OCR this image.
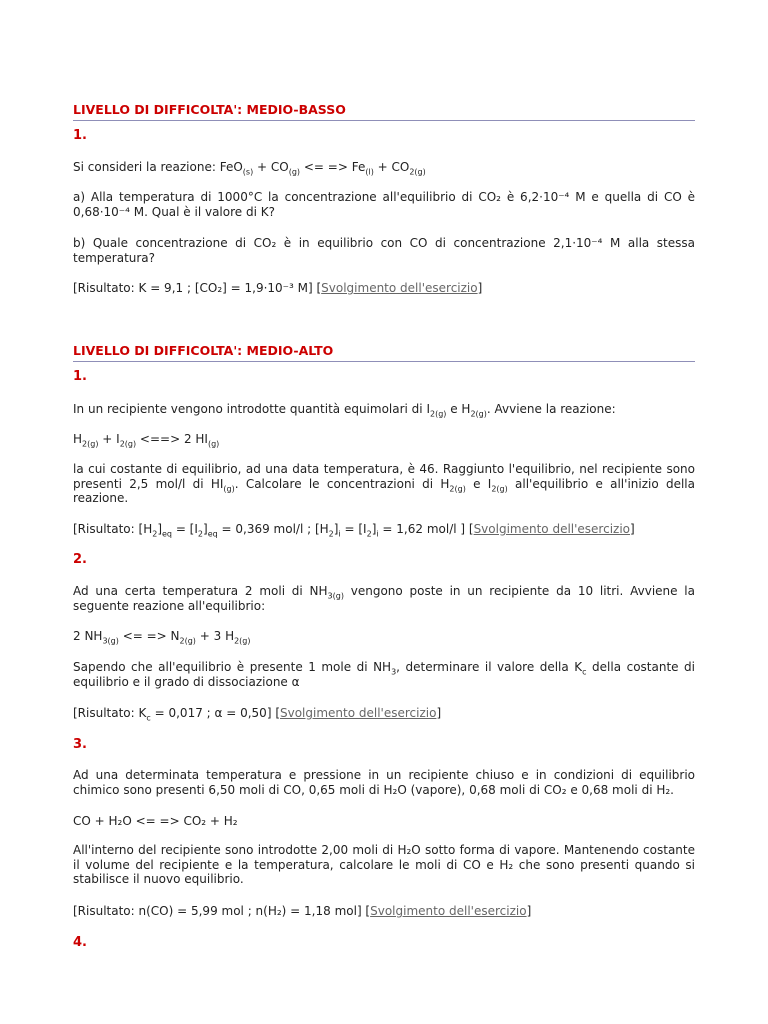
LIVELLO DI DIFFICOLTA': MEDIO-BASSO
1.

Si consideri la reazione: $FeO_{(s)} + CO_{(g)}$ <= => $Fe_{(l)} + CO_{2(g)}$

a) Alla temperatura di 1000°C la concentrazione all'equilibrio di CO₂ è 6,2·10⁻⁴ M e quella di CO è 0,68·10⁻⁴ M. Qual è il valore di K?

b) Quale concentrazione di CO₂ è in equilibrio con CO di concentrazione 2,1·10⁻⁴ M alla stessa temperatura?

[Risultato: K = 9,1 ; [CO₂] = 1,9·10⁻³ M] [Svolgimento dell'esercizio]

LIVELLO DI DIFFICOLTA': MEDIO-ALTO
1.

In un recipiente vengono introdotte quantità equimolari di $I_{2(g)}$ e $H_{2(g)}$. Avviene la reazione:

$H_{2(g)} + I_{2(g)}$ <==> 2 $HI_{(g)}$

la cui costante di equilibrio, ad una data temperatura, è 46. Raggiunto l'equilibrio, nel recipiente sono presenti 2,5 mol/l di $HI_{(g)}$. Calcolare le concentrazioni di $H_{2(g)}$ e $I_{2(g)}$ all'equilibrio e all'inizio della reazione.

[Risultato: $[H_2]_{eq} = [I_2]_{eq} = 0,369$ mol/l ; $[H_2]_i = [I_2]_i = 1,62$ mol/l ] [Svolgimento dell'esercizio]

2.

Ad una certa temperatura 2 moli di $NH_{3(g)}$ vengono poste in un recipiente da 10 litri. Avviene la seguente reazione all'equilibrio:

2 $NH_{3(g)}$ <= => $N_{2(g)} + 3$ $H_{2(g)}$

Sapendo che all'equilibrio è presente 1 mole di $NH_3$, determinare il valore della $K_c$ della costante di equilibrio e il grado di dissociazione α

[Risultato: $K_c = 0,017$ ; α = 0,50] [Svolgimento dell'esercizio]

3.

Ad una determinata temperatura e pressione in un recipiente chiuso e in condizioni di equilibrio chimico sono presenti 6,50 moli di CO, 0,65 moli di H₂O (vapore), 0,68 moli di CO₂ e 0,68 moli di H₂.

CO + H₂O <= => CO₂ + H₂

All'interno del recipiente sono introdotte 2,00 moli di H₂O sotto forma di vapore. Mantenendo costante il volume del recipiente e la temperatura, calcolare le moli di CO e H₂ che sono presenti quando si stabilisce il nuovo equilibrio.

[Risultato: n(CO) = 5,99 mol ; n(H₂) = 1,18 mol] [Svolgimento dell'esercizio]

4.
